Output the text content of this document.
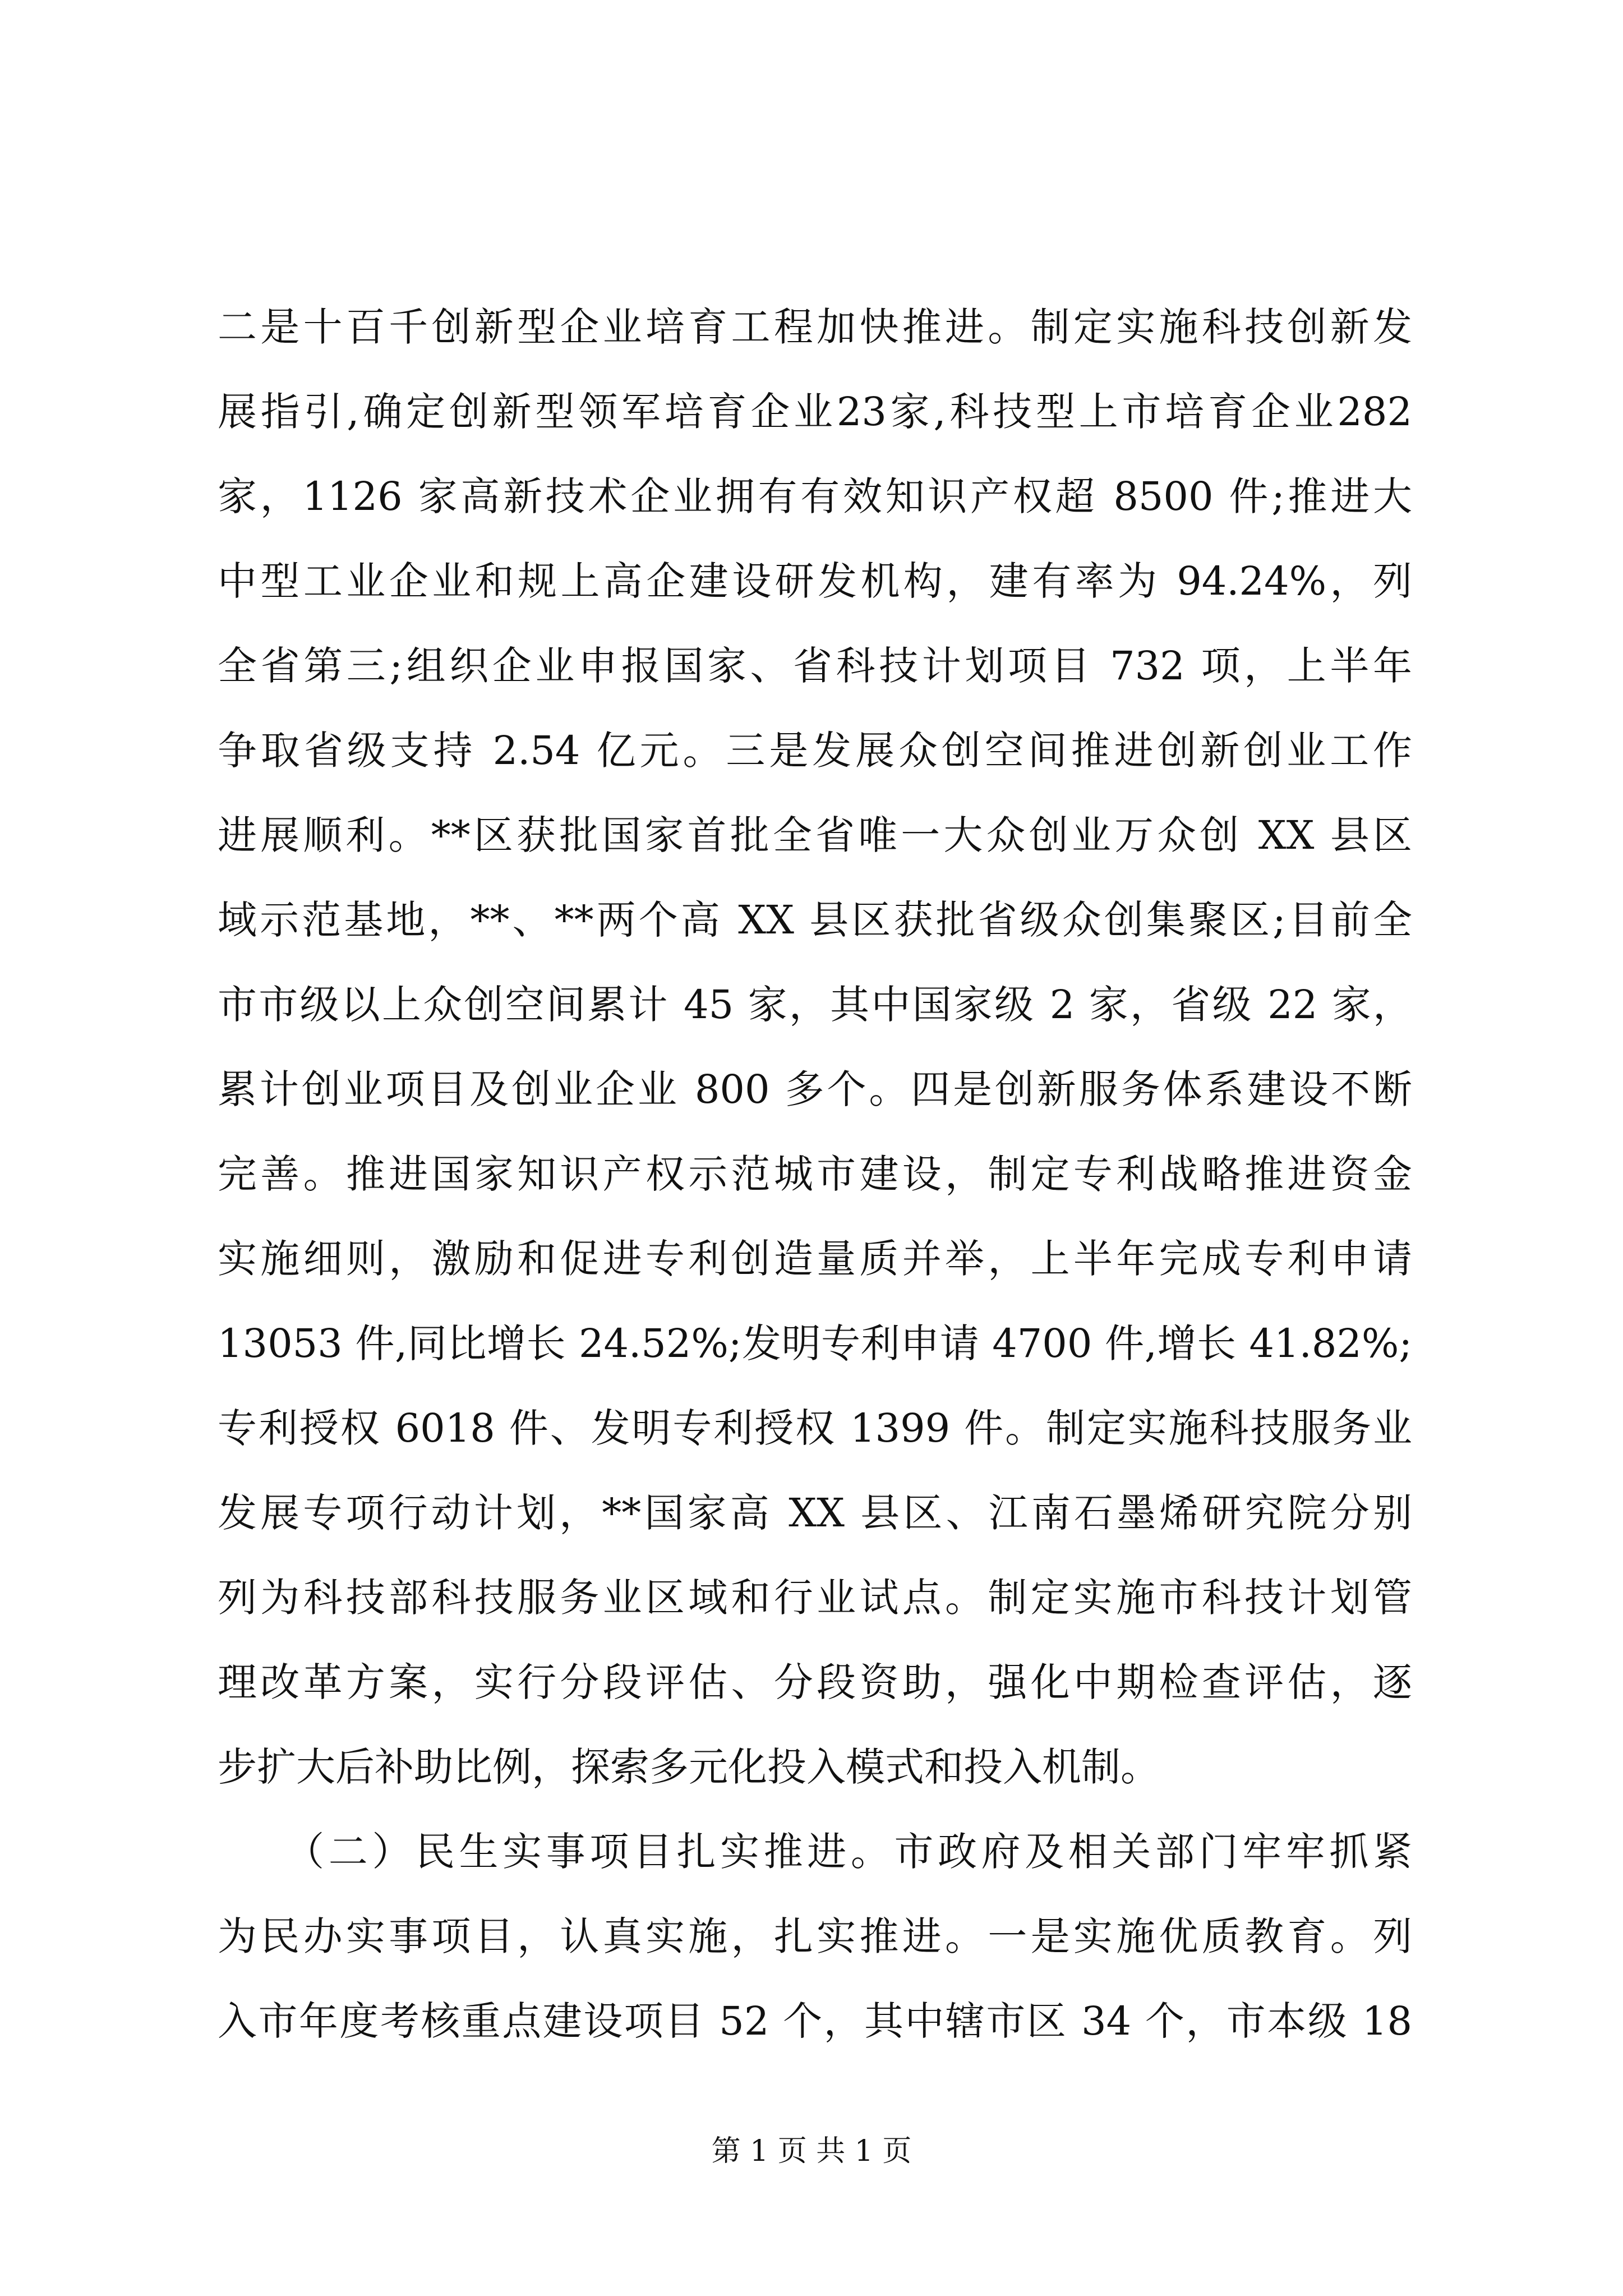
二是十百千创新型企业培育工程加快推进。制定实施科技创新发
展指引,确定创新型领军培育企业23家,科技型上市培育企业282
家，1126 家高新技术企业拥有有效知识产权超 8500 件;推进大
中型工业企业和规上高企建设研发机构，建有率为 94.24%，列
全省第三;组织企业申报国家、省科技计划项目 732 项，上半年
争取省级支持 2.54 亿元。三是发展众创空间推进创新创业工作
进展顺利。**区获批国家首批全省唯一大众创业万众创 XX 县区
域示范基地，**、**两个高 XX 县区获批省级众创集聚区;目前全
市市级以上众创空间累计 45 家，其中国家级 2 家，省级 22 家，
累计创业项目及创业企业 800 多个。四是创新服务体系建设不断
完善。推进国家知识产权示范城市建设，制定专利战略推进资金
实施细则，激励和促进专利创造量质并举，上半年完成专利申请
13053 件,同比增长 24.52%;发明专利申请 4700 件,增长 41.82%;
专利授权 6018 件、发明专利授权 1399 件。制定实施科技服务业
发展专项行动计划，**国家高 XX 县区、江南石墨烯研究院分别
列为科技部科技服务业区域和行业试点。制定实施市科技计划管
理改革方案，实行分段评估、分段资助，强化中期检查评估，逐
步扩大后补助比例，探索多元化投入模式和投入机制。
　　（二）民生实事项目扎实推进。市政府及相关部门牢牢抓紧
为民办实事项目，认真实施，扎实推进。一是实施优质教育。列
入市年度考核重点建设项目 52 个，其中辖市区 34 个，市本级 18
第 1 页 共 1 页
